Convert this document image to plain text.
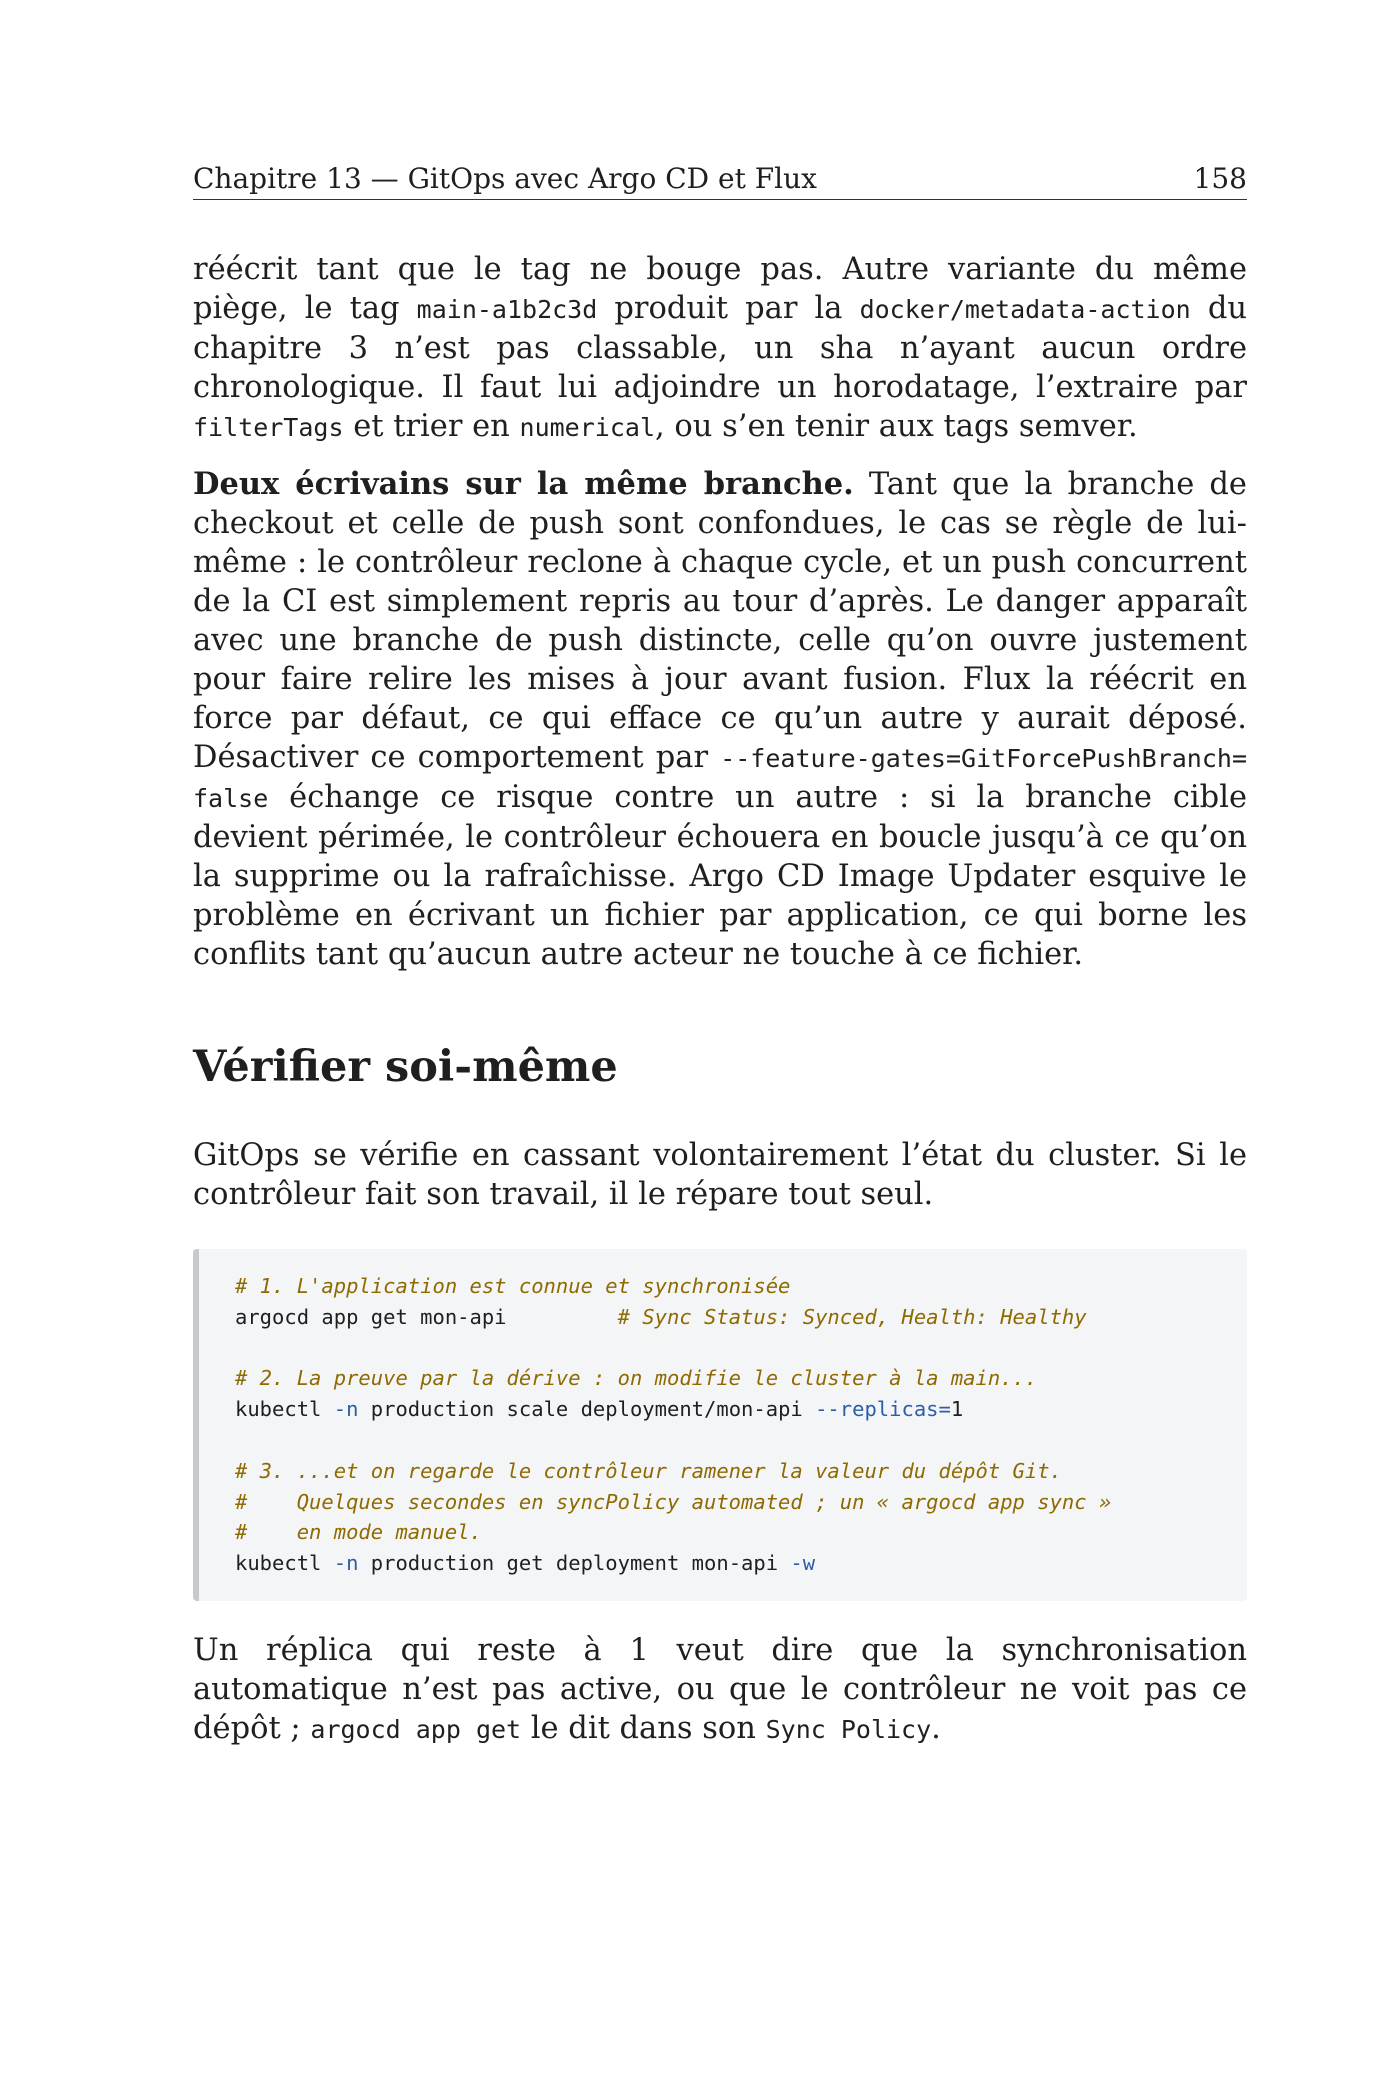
Chapitre 13 — GitOps avec Argo CD et Flux	158

réécrit tant que le tag ne bouge pas. Autre variante du même piège, le tag main-a1b2c3d produit par la docker/metadata-action du chapitre 3 n’est pas classable, un sha n’ayant aucun ordre chronologique. Il faut lui adjoindre un horodatage, l’extraire par filterTags et trier en numerical, ou s’en tenir aux tags semver.

Deux écrivains sur la même branche. Tant que la branche de checkout et celle de push sont confondues, le cas se règle de lui-même : le contrôleur reclone à chaque cycle, et un push concurrent de la CI est simplement repris au tour d’après. Le danger apparaît avec une branche de push distincte, celle qu’on ouvre justement pour faire relire les mises à jour avant fusion. Flux la réécrit en force par défaut, ce qui efface ce qu’un autre y aurait déposé. Désactiver ce comportement par --feature-gates=GitForcePushBranch=false échange ce risque contre un autre : si la branche cible devient périmée, le contrôleur échouera en boucle jusqu’à ce qu’on la supprime ou la rafraîchisse. Argo CD Image Updater esquive le problème en écrivant un fichier par application, ce qui borne les conflits tant qu’aucun autre acteur ne touche à ce fichier.

Vérifier soi-même

GitOps se vérifie en cassant volontairement l’état du cluster. Si le contrôleur fait son travail, il le répare tout seul.

# 1. L'application est connue et synchronisée
argocd app get mon-api         # Sync Status: Synced, Health: Healthy
# 2. La preuve par la dérive : on modifie le cluster à la main...
kubectl -n production scale deployment/mon-api --replicas=1
# 3. ...et on regarde le contrôleur ramener la valeur du dépôt Git.
#    Quelques secondes en syncPolicy automated ; un « argocd app sync »
#    en mode manuel.
kubectl -n production get deployment mon-api -w

Un réplica qui reste à 1 veut dire que la synchronisation automatique n’est pas active, ou que le contrôleur ne voit pas ce dépôt ; argocd app get le dit dans son Sync Policy.
